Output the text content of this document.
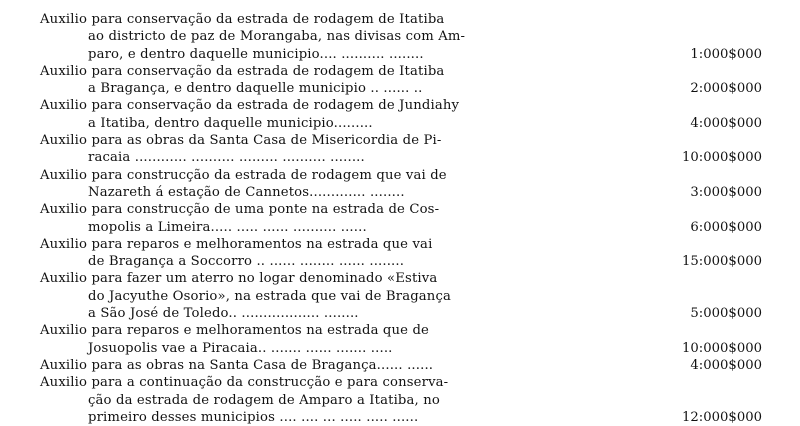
Auxilio para conservação da estrada de rodagem de Itatiba
ao districto de paz de Morangaba, nas divisas com Am-
paro, e dentro daquelle municipio.... .......... ........	1:000$000
Auxilio para conservação da estrada de rodagem de Itatiba
a Bragança, e dentro daquelle municipio .. ...... ..	2:000$000
Auxilio para conservação da estrada de rodagem de Jundiahy
a Itatiba, dentro daquelle municipio.........	4:000$000
Auxilio para as obras da Santa Casa de Misericordia de Pi-
racaia ............ .......... ......... .......... ........	10:000$000
Auxilio para construcção da estrada de rodagem que vai de
Nazareth á estação de Cannetos............. ........	3:000$000
Auxilio para construcção de uma ponte na estrada de Cos-
mopolis a Limeira..... ..... ...... .......... ......	6:000$000
Auxilio para reparos e melhoramentos na estrada que vai
de Bragança a Soccorro .. ...... ........ ...... ........	15:000$000
Auxilio para fazer um aterro no logar denominado «Estiva
do Jacyuthe Osorio», na estrada que vai de Bragança
a São José de Toledo.. .................. ........	5:000$000
Auxilio para reparos e melhoramentos na estrada que de
Josuopolis vae a Piracaia.. ....... ...... ....... .....	10:000$000
Auxilio para as obras na Santa Casa de Bragança...... ......	4:000$000
Auxilio para a continuação da construcção e para conserva-
ção da estrada de rodagem de Amparo a Itatiba, no
primeiro desses municipios .... .... ... ..... ..... ......	12:000$000
